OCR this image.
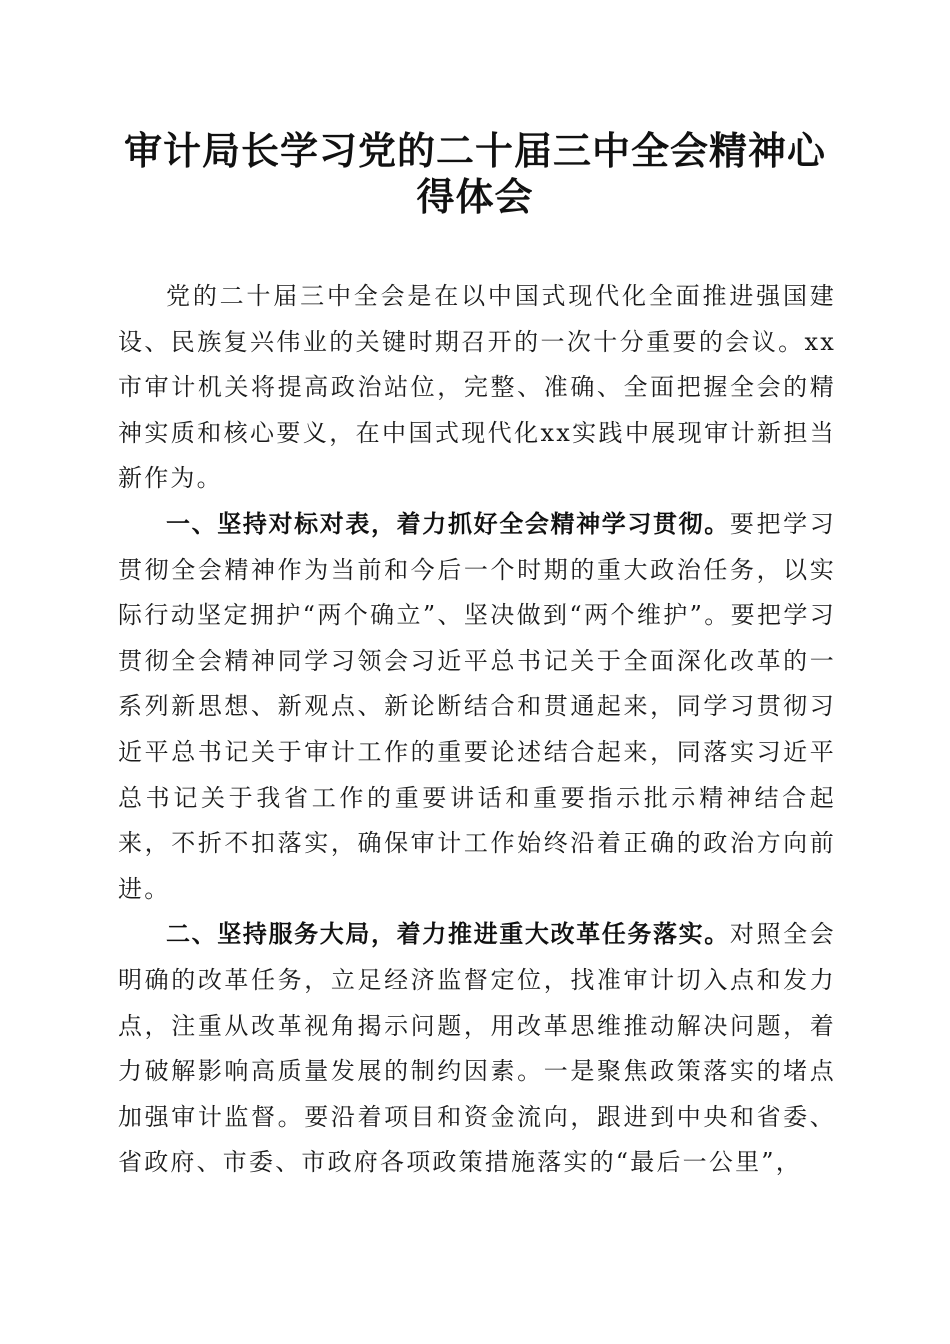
审计局长学习党的二十届三中全会精神心得体会

党的二十届三中全会是在以中国式现代化全面推进强国建设、民族复兴伟业的关键时期召开的一次十分重要的会议。xx市审计机关将提高政治站位，完整、准确、全面把握全会的精神实质和核心要义，在中国式现代化xx实践中展现审计新担当新作为。

一、坚持对标对表，着力抓好全会精神学习贯彻。要把学习贯彻全会精神作为当前和今后一个时期的重大政治任务，以实际行动坚定拥护“两个确立”、坚决做到“两个维护”。要把学习贯彻全会精神同学习领会习近平总书记关于全面深化改革的一系列新思想、新观点、新论断结合和贯通起来，同学习贯彻习近平总书记关于审计工作的重要论述结合起来，同落实习近平总书记关于我省工作的重要讲话和重要指示批示精神结合起来，不折不扣落实，确保审计工作始终沿着正确的政治方向前进。

二、坚持服务大局，着力推进重大改革任务落实。对照全会明确的改革任务，立足经济监督定位，找准审计切入点和发力点，注重从改革视角揭示问题，用改革思维推动解决问题，着力破解影响高质量发展的制约因素。一是聚焦政策落实的堵点加强审计监督。要沿着项目和资金流向，跟进到中央和省委、省政府、市委、市政府各项政策措施落实的“最后一公里”，
